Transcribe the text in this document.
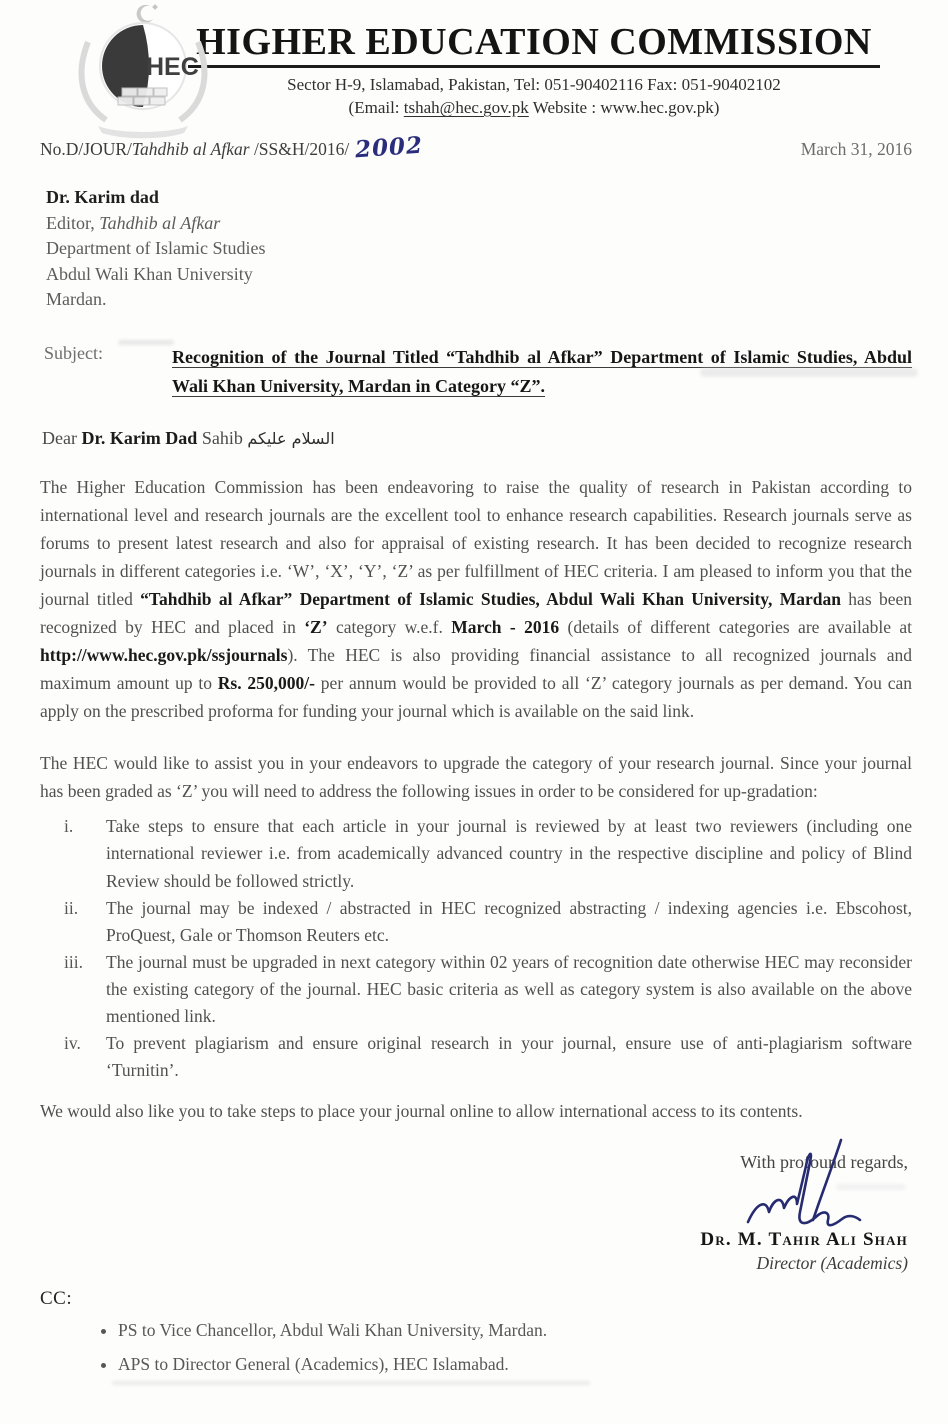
HEC
HIGHER EDUCATION COMMISSION
Sector H-9, Islamabad, Pakistan, Tel: 051-90402116 Fax: 051-90402102
(Email: tshah@hec.gov.pk Website : www.hec.gov.pk)
No.D/JOUR/Tahdhib al Afkar /SS&H/2016/ 2002	March 31, 2016
Dr. Karim dad
Editor, Tahdhib al Afkar
Department of Islamic Studies
Abdul Wali Khan University
Mardan.
Subject:	Recognition of the Journal Titled “Tahdhib al Afkar” Department of Islamic Studies, Abdul Wali Khan University, Mardan in Category “Z”.
Dear Dr. Karim Dad Sahib السلام عليكم

The Higher Education Commission has been endeavoring to raise the quality of research in Pakistan according to international level and research journals are the excellent tool to enhance research capabilities. Research journals serve as forums to present latest research and also for appraisal of existing research. It has been decided to recognize research journals in different categories i.e. ‘W’, ‘X’, ‘Y’, ‘Z’ as per fulfillment of HEC criteria. I am pleased to inform you that the journal titled “Tahdhib al Afkar” Department of Islamic Studies, Abdul Wali Khan University, Mardan has been recognized by HEC and placed in ‘Z’ category w.e.f. March - 2016 (details of different categories are available at http://www.hec.gov.pk/ssjournals). The HEC is also providing financial assistance to all recognized journals and maximum amount up to Rs. 250,000/- per annum would be provided to all ‘Z’ category journals as per demand. You can apply on the prescribed proforma for funding your journal which is available on the said link.

The HEC would like to assist you in your endeavors to upgrade the category of your research journal. Since your journal has been graded as ‘Z’ you will need to address the following issues in order to be considered for up-gradation:

i.	Take steps to ensure that each article in your journal is reviewed by at least two reviewers (including one international reviewer i.e. from academically advanced country in the respective discipline and policy of Blind Review should be followed strictly.
ii.	The journal may be indexed / abstracted in HEC recognized abstracting / indexing agencies i.e. Ebscohost, ProQuest, Gale or Thomson Reuters etc.
iii.	The journal must be upgraded in next category within 02 years of recognition date otherwise HEC may reconsider the existing category of the journal. HEC basic criteria as well as category system is also available on the above mentioned link.
iv.	To prevent plagiarism and ensure original research in your journal, ensure use of anti-plagiarism software ‘Turnitin’.

We would also like you to take steps to place your journal online to allow international access to its contents.

With profound regards,
Dr. M. Tahir Ali Shah
Director (Academics)
CC:
• PS to Vice Chancellor, Abdul Wali Khan University, Mardan.
• APS to Director General (Academics), HEC Islamabad.
